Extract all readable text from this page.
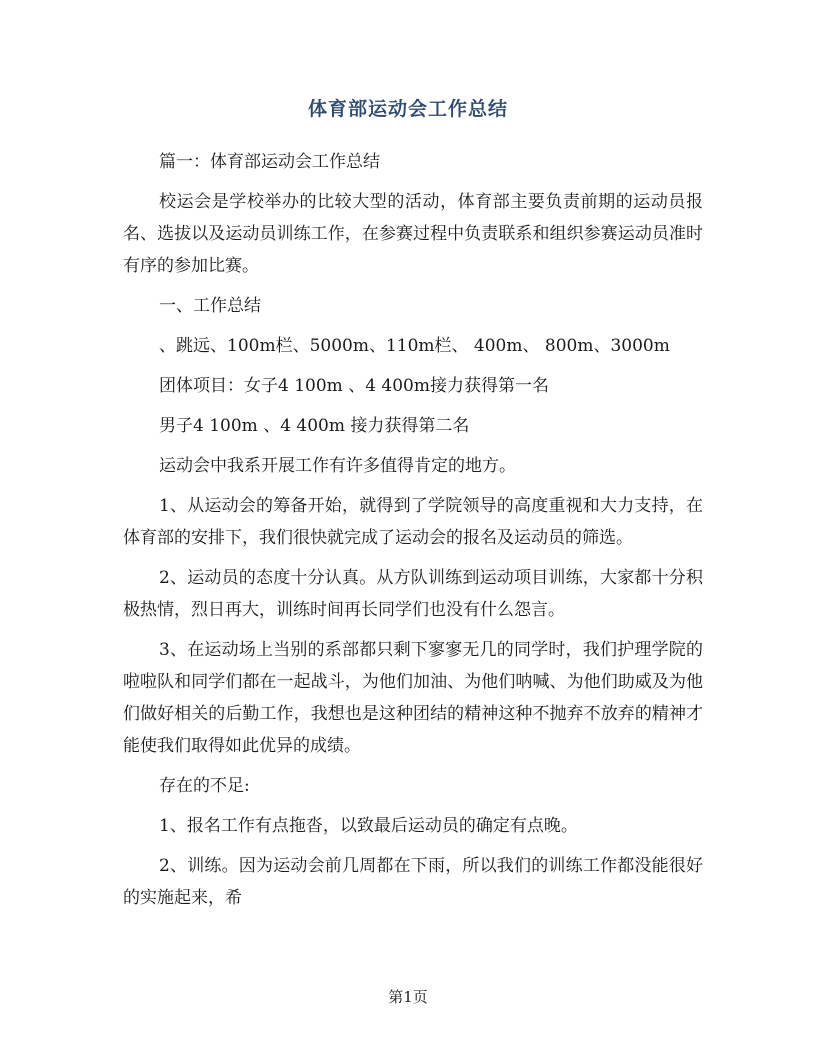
体育部运动会工作总结

篇一：体育部运动会工作总结

校运会是学校举办的比较大型的活动，体育部主要负责前期的运动员报名、选拔以及运动员训练工作，在参赛过程中负责联系和组织参赛运动员准时有序的参加比赛。

一、工作总结

、跳远、100m栏、5000m、110m栏、 400m、 800m、3000m

团体项目：女子4 100m 、4 400m接力获得第一名

男子4 100m 、4 400m 接力获得第二名

运动会中我系开展工作有许多值得肯定的地方。

1、从运动会的筹备开始，就得到了学院领导的高度重视和大力支持，在体育部的安排下，我们很快就完成了运动会的报名及运动员的筛选。

2、运动员的态度十分认真。从方队训练到运动项目训练，大家都十分积极热情，烈日再大，训练时间再长同学们也没有什么怨言。

3、在运动场上当别的系部都只剩下寥寥无几的同学时，我们护理学院的啦啦队和同学们都在一起战斗，为他们加油、为他们呐喊、为他们助威及为他们做好相关的后勤工作，我想也是这种团结的精神这种不抛弃不放弃的精神才能使我们取得如此优异的成绩。

存在的不足:

1、报名工作有点拖沓，以致最后运动员的确定有点晚。

2、训练。因为运动会前几周都在下雨，所以我们的训练工作都没能很好的实施起来，希

第1页
